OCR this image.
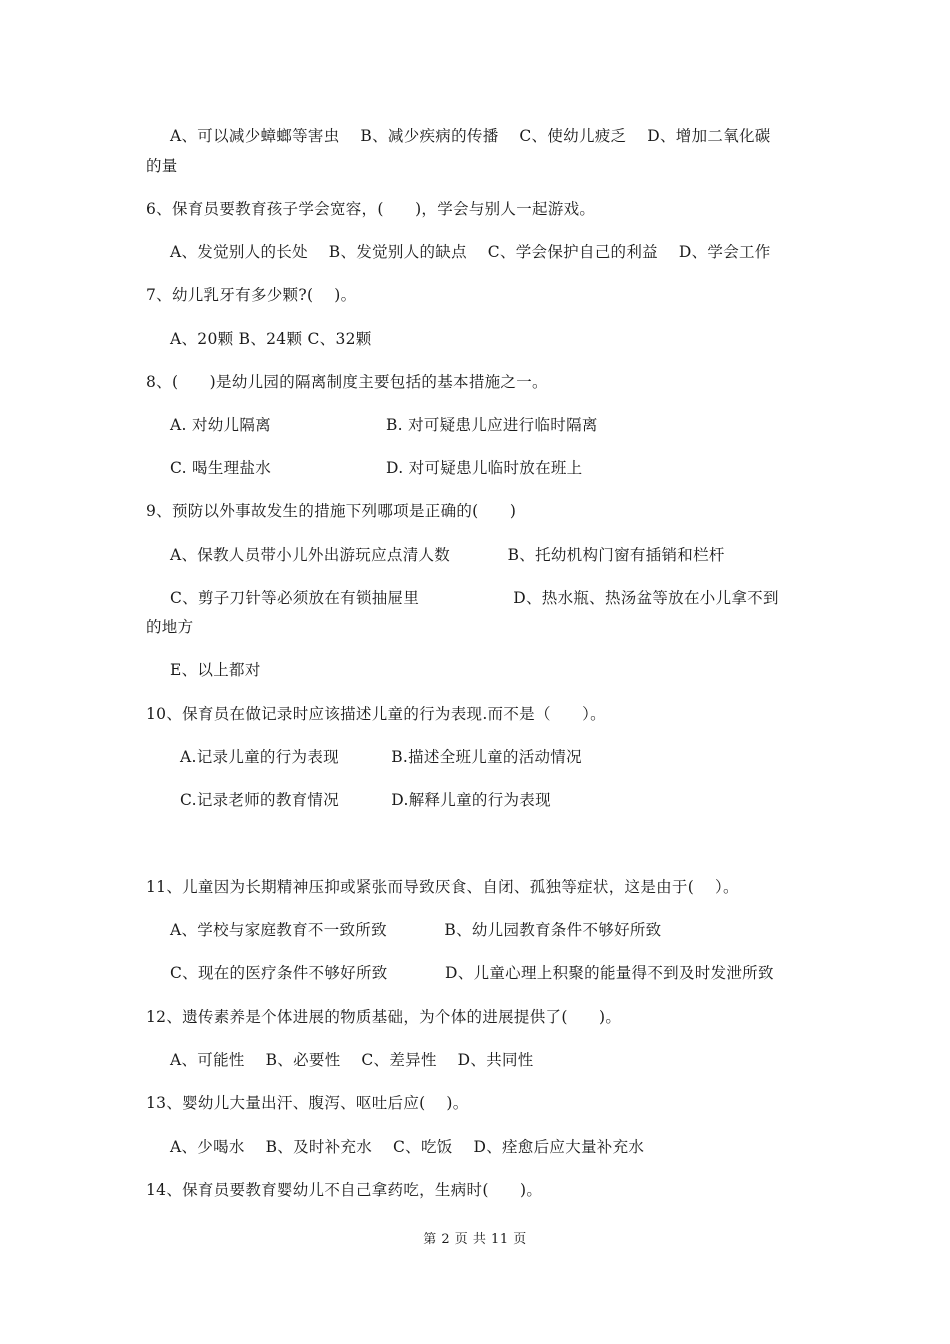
A、可以减少蟑螂等害虫    B、减少疾病的传播    C、使幼儿疲乏    D、增加二氧化碳
的量
6、保育员要教育孩子学会宽容，(      )，学会与别人一起游戏。
A、发觉别人的长处    B、发觉别人的缺点    C、学会保护自己的利益    D、学会工作
7、幼儿乳牙有多少颗?(    )。
A、20颗 B、24颗 C、32颗
8、(      )是幼儿园的隔离制度主要包括的基本措施之一。
A. 对幼儿隔离                      B. 对可疑患儿应进行临时隔离
C. 喝生理盐水                      D. 对可疑患儿临时放在班上
9、预防以外事故发生的措施下列哪项是正确的(      )
A、保教人员带小儿外出游玩应点清人数           B、托幼机构门窗有插销和栏杆
C、剪子刀针等必须放在有锁抽屉里                  D、热水瓶、热汤盆等放在小儿拿不到
的地方
E、以上都对
10、保育员在做记录时应该描述儿童的行为表现.而不是（      ）。
A.记录儿童的行为表现          B.描述全班儿童的活动情况
C.记录老师的教育情况          D.解释儿童的行为表现
11、儿童因为长期精神压抑或紧张而导致厌食、自闭、孤独等症状，这是由于(    ）。
A、学校与家庭教育不一致所致           B、幼儿园教育条件不够好所致
C、现在的医疗条件不够好所致           D、儿童心理上积聚的能量得不到及时发泄所致
12、遗传素养是个体进展的物质基础，为个体的进展提供了(      )。
A、可能性    B、必要性    C、差异性    D、共同性
13、婴幼儿大量出汗、腹泻、呕吐后应(    )。
A、少喝水    B、及时补充水    C、吃饭    D、痊愈后应大量补充水
14、保育员要教育婴幼儿不自己拿药吃，生病时(      )。
第 2 页 共 11 页
